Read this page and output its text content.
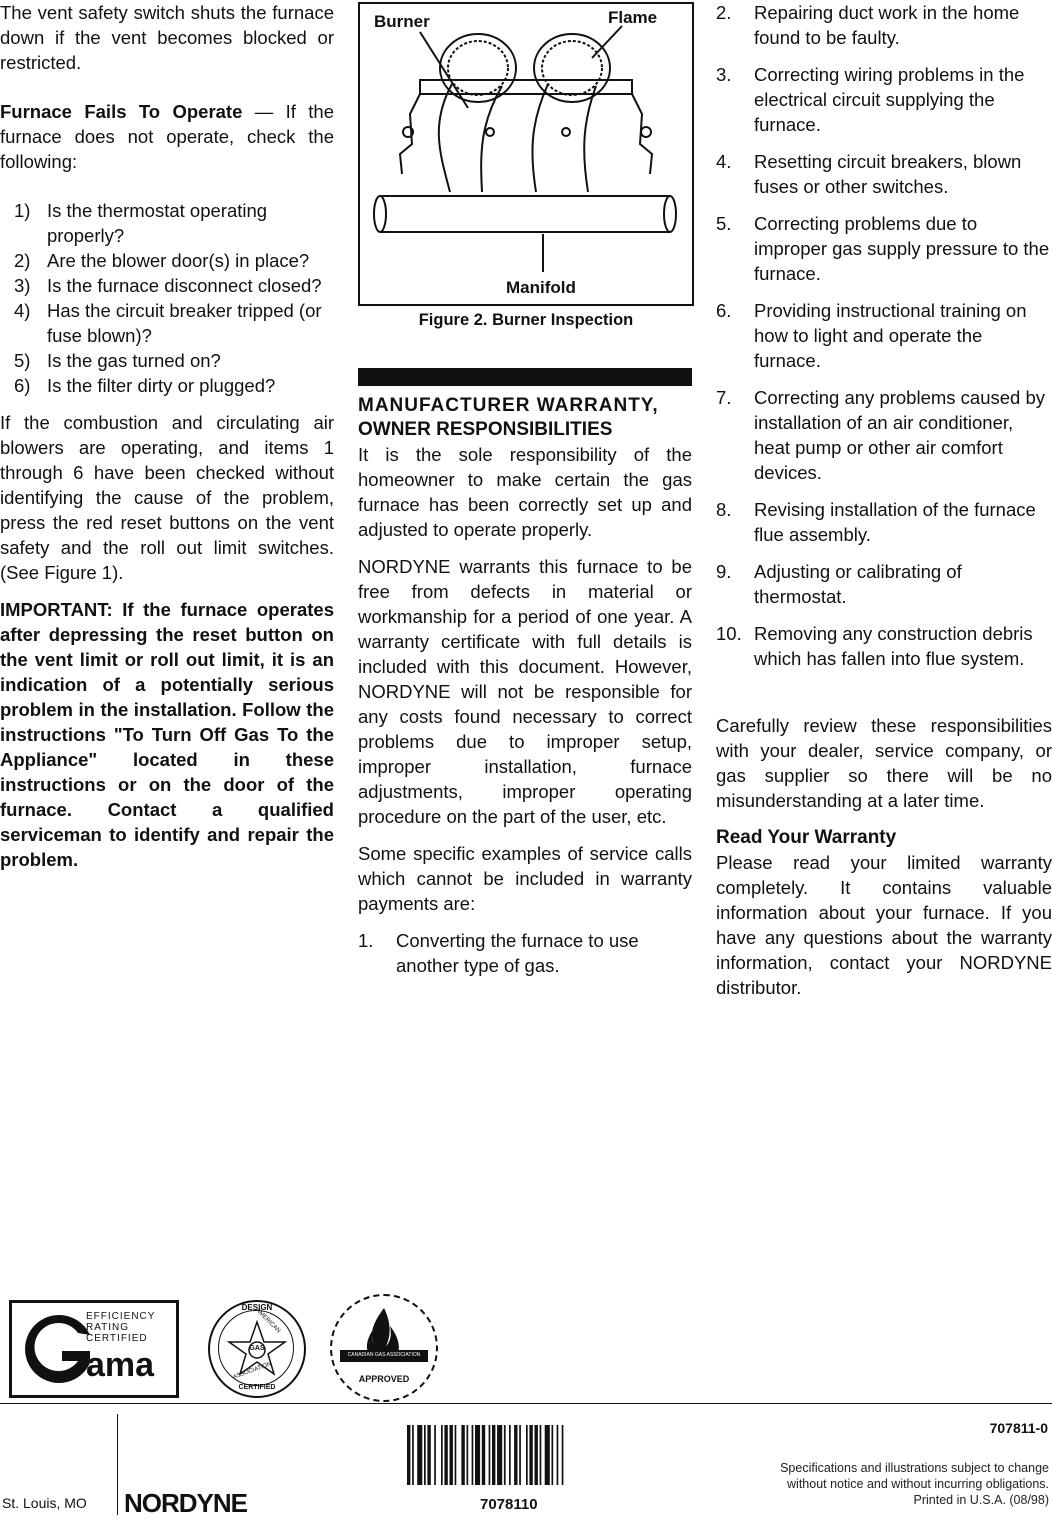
The vent safety switch shuts the furnace down if the vent becomes blocked or restricted.

Furnace Fails To Operate — If the furnace does not operate, check the following:

1) Is the thermostat operating properly?
2) Are the blower door(s) in place?
3) Is the furnace disconnect closed?
4) Has the circuit breaker tripped (or fuse blown)?
5) Is the gas turned on?
6) Is the filter dirty or plugged?

If the combustion and circulating air blowers are operating, and items 1 through 6 have been checked without identifying the cause of the problem, press the red reset buttons on the vent safety and the roll out limit switches. (See Figure 1).

IMPORTANT: If the furnace operates after depressing the reset button on the vent limit or roll out limit, it is an indication of a potentially serious problem in the installation. Follow the instructions "To Turn Off Gas To the Appliance" located in these instructions or on the door of the furnace. Contact a qualified serviceman to identify and repair the problem.

Burner	Flame
Manifold
Figure 2. Burner Inspection
MANUFACTURER WARRANTY,
OWNER RESPONSIBILITIES

It is the sole responsibility of the homeowner to make certain the gas furnace has been correctly set up and adjusted to operate properly.

NORDYNE warrants this furnace to be free from defects in material or workmanship for a period of one year. A warranty certificate with full details is included with this document. However, NORDYNE will not be responsible for any costs found necessary to correct problems due to improper setup, improper installation, furnace adjustments, improper operating procedure on the part of the user, etc.

Some specific examples of service calls which cannot be included in warranty payments are:

1. Converting the furnace to use another type of gas.
2. Repairing duct work in the home found to be faulty.
3. Correcting wiring problems in the electrical circuit supplying the furnace.
4. Resetting circuit breakers, blown fuses or other switches.
5. Correcting problems due to improper gas supply pressure to the furnace.
6. Providing instructional training on how to light and operate the furnace.
7. Correcting any problems caused by installation of an air conditioner, heat pump or other air comfort devices.
8. Revising installation of the furnace flue assembly.
9. Adjusting or calibrating of thermostat.
10. Removing any construction debris which has fallen into flue system.

Carefully review these responsibilities with your dealer, service company, or gas supplier so there will be no misunderstanding at a later time.

Read Your Warranty

Please read your limited warranty completely. It contains valuable information about your furnace. If you have any questions about the warranty information, contact your NORDYNE distributor.

EFFICIENCY
RATING
CERTIFIED
ama
DESIGN
GAS
CERTIFIED
AMERICAN
ASSOCIATION
CANADIAN GAS ASSOCIATION
APPROVED
St. Louis, MO NORDYNE	7078110
707811-0
Specifications and illustrations subject to change
without notice and without incurring obligations.
Printed in U.S.A. (08/98)
